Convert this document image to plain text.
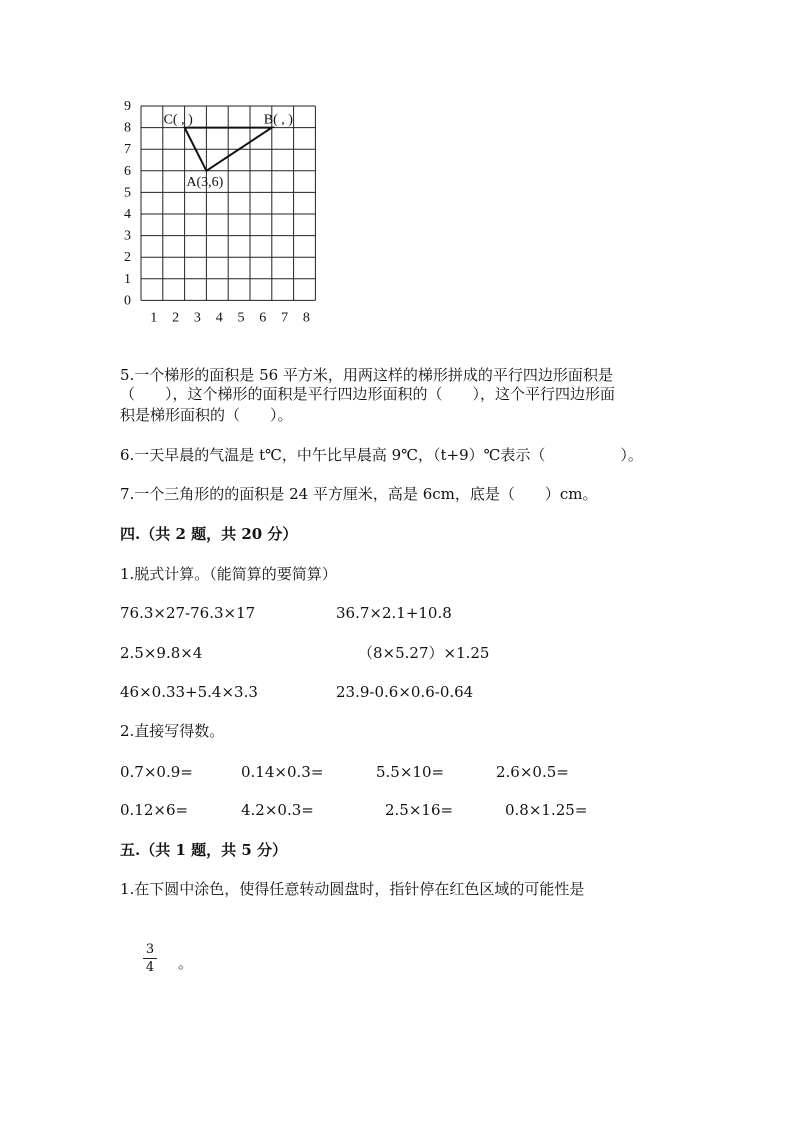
0
1
2
3
4
5
6
7
8
9
1 2 3 4 5 6 7 8
C( , )	B( , )
A(3,6)
5.一个梯形的面积是 56 平方米，用两这样的梯形拼成的平行四边形面积是
（　　），这个梯形的面积是平行四边形面积的（　　），这个平行四边形面
积是梯形面积的（　　）。
6.一天早晨的气温是 t℃，中午比早晨高 9℃，（t+9）℃表示（　　　　　）。
7.一个三角形的的面积是 24 平方厘米，高是 6cm，底是（　　）cm。
四.（共 2 题，共 20 分）
1.脱式计算。（能简算的要简算）
76.3×27-76.3×17	36.7×2.1+10.8
2.5×9.8×4	（8×5.27）×1.25
46×0.33+5.4×3.3	23.9-0.6×0.6-0.64
2.直接写得数。
0.7×0.9=	0.14×0.3=	5.5×10=	2.6×0.5=
0.12×6=	4.2×0.3=	2.5×16=	0.8×1.25=
五.（共 1 题，共 5 分）
1.在下圆中涂色，使得任意转动圆盘时，指针停在红色区域的可能性是
3
4 。
